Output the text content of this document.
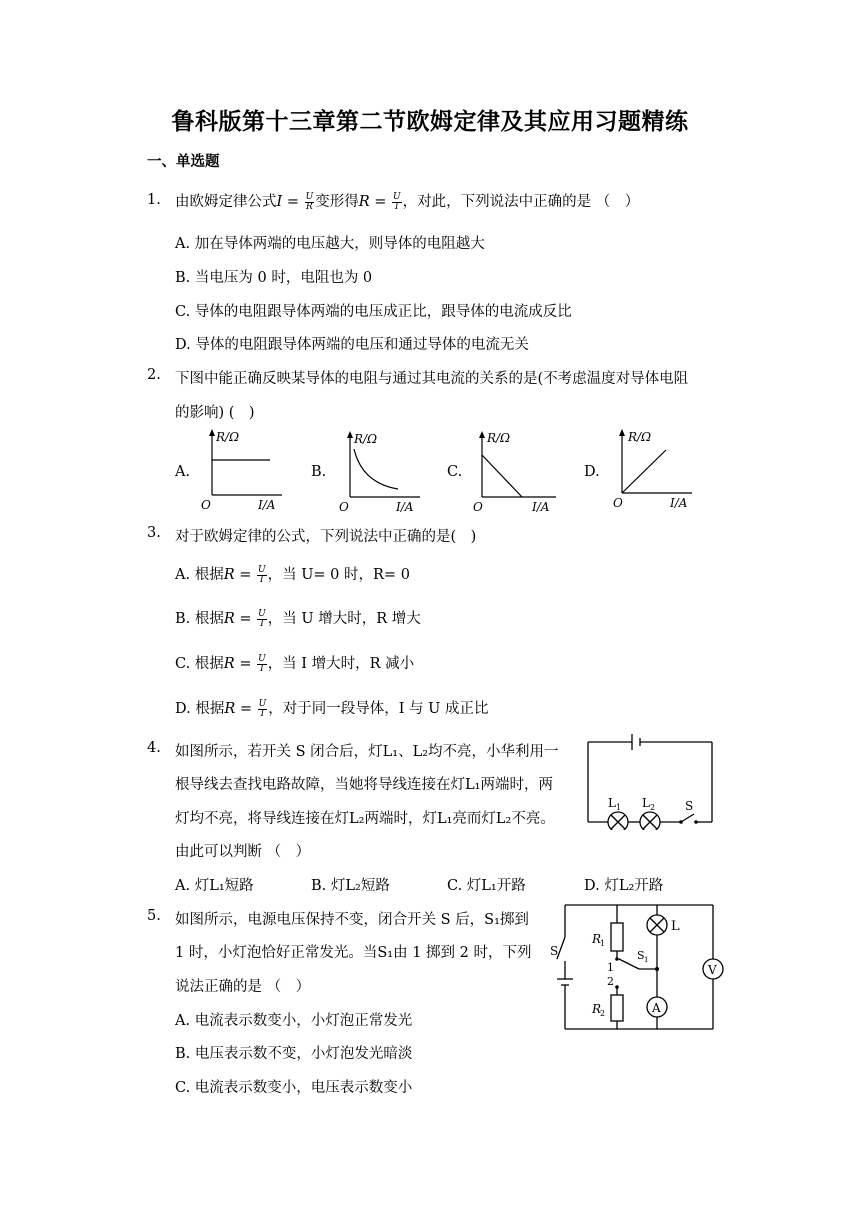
鲁科版第十三章第二节欧姆定律及其应用习题精练
一、单选题
1. 由欧姆定律公式$I = \frac{U}{R}$ 变形得$R = \frac{U}{I}$ ，对此，下列说法中正确的是 （　）
A. 加在导体两端的电压越大，则导体的电阻越大
B. 当电压为 0 时，电阻也为 0
C. 导体的电阻跟导体两端的电压成正比，跟导体的电流成反比
D. 导体的电阻跟导体两端的电压和通过导体的电流无关
2. 下图中能正确反映某导体的电阻与通过其电流的关系的是(不考虑温度对导体电阻
的影响) (　)
A.	B.	C.	D.
R/Ω
O	I/A
R/Ω
O	I/A
R/Ω
O	I/A
R/Ω
O	I/A
3. 对于欧姆定律的公式，下列说法中正确的是(　)
A. 根据$R = \frac{U}{I}$ ，当 U= 0 时，R= 0
B. 根据$R = \frac{U}{I}$ ，当 U 增大时，R 增大
C. 根据$R = \frac{U}{I}$ ，当 I 增大时，R 减小
D. 根据$R = \frac{U}{I}$ ，对于同一段导体，I 与 U 成正比
4. 如图所示，若开关 S 闭合后，灯L₁、L₂均不亮，小华利用一
根导线去查找电路故障，当她将导线连接在灯L₁两端时，两
灯均不亮，将导线连接在灯L₂两端时，灯L₁亮而灯L₂不亮。
由此可以判断 （　）
A. 灯L₁短路	B. 灯L₂短路	C. 灯L₁开路	D. 灯L₂开路
L 1 L 2 S
5. 如图所示，电源电压保持不变，闭合开关 S 后，S₁掷到
1 时，小灯泡恰好正常发光。当S₁由 1 掷到 2 时，下列
说法正确的是 （　）
A. 电流表示数变小，小灯泡正常发光
B. 电压表示数不变，小灯泡发光暗淡
C. 电流表示数变小，电压表示数变小
S
R
1
R
2
1
2
S 1
L
V
A
